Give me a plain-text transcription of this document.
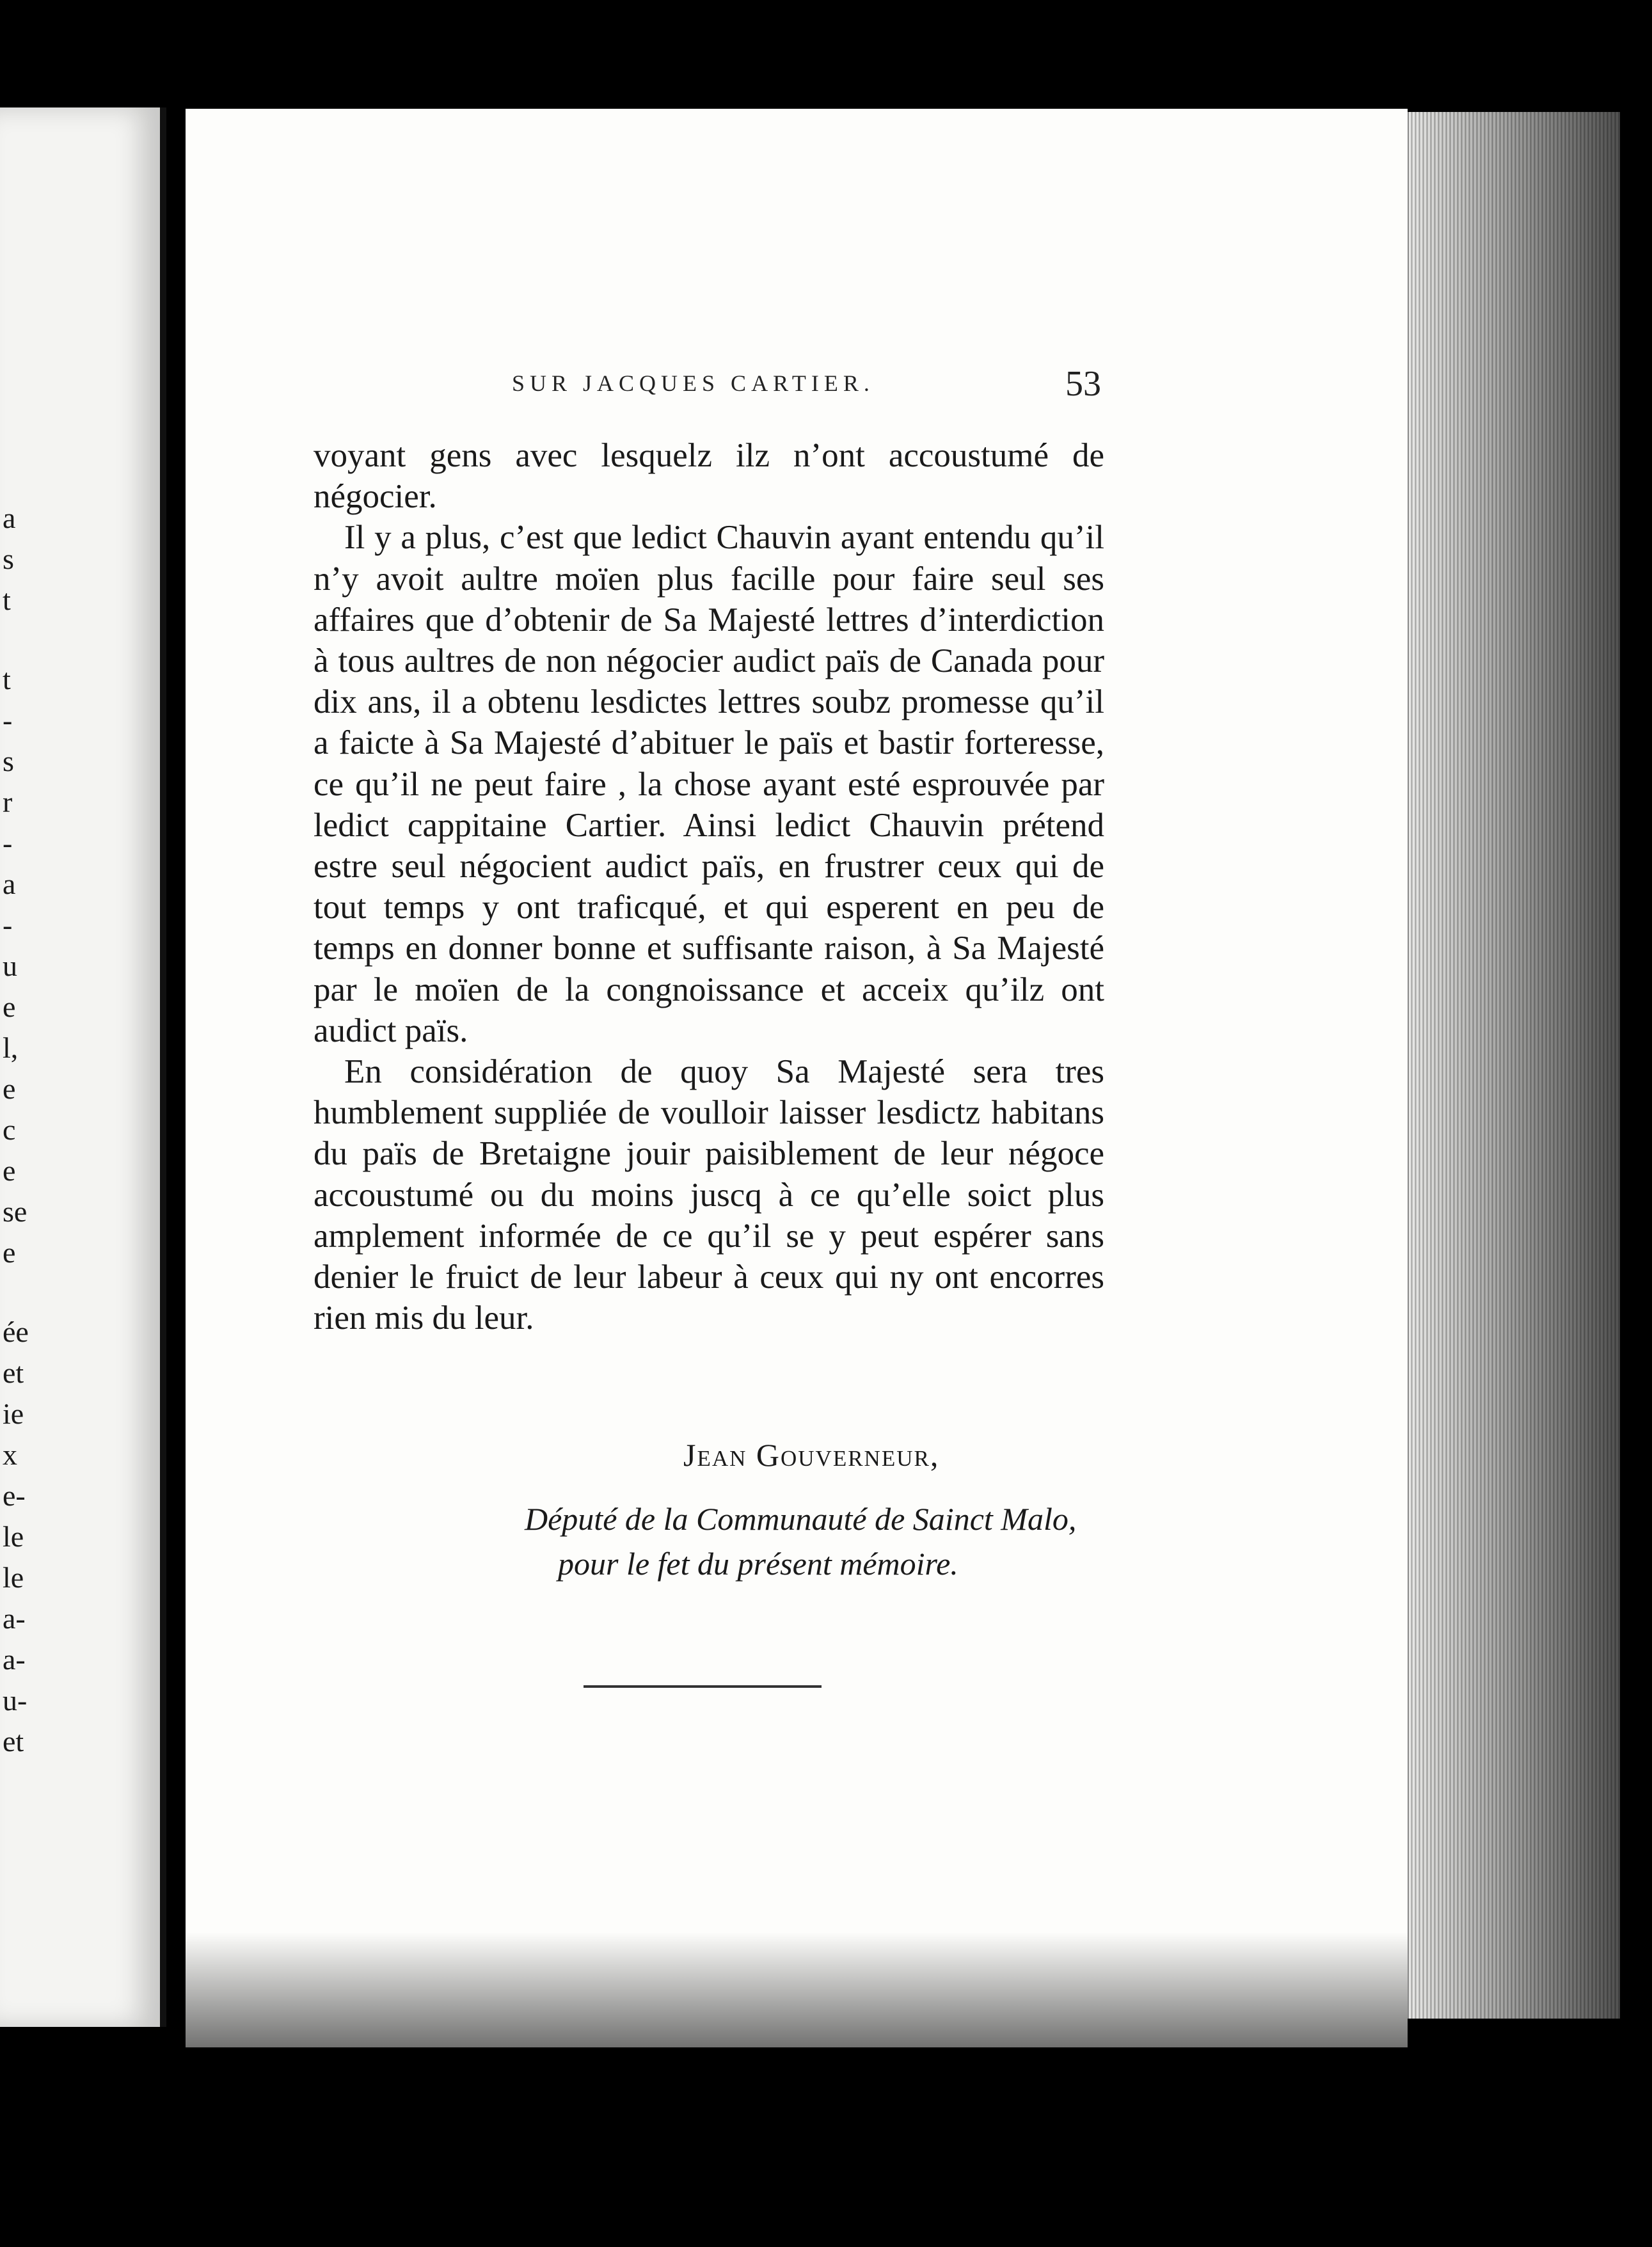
a
s
t
t
-
s
r
-
a
-
u
e
l,
e
c
e
se
e
ée
et
ie
x
e-
le
le
a-
a-
u-
et
SUR JACQUES CARTIER.	53

voyant gens avec lesquelz ilz n’ont accoustumé de négocier.

Il y a plus, c’est que ledict Chauvin ayant entendu qu’il n’y avoit aultre moïen plus facille pour faire seul ses affaires que d’obtenir de Sa Majesté lettres d’interdiction à tous aultres de non négocier audict païs de Canada pour dix ans, il a obtenu lesdictes lettres soubz promesse qu’il a faicte à Sa Majesté d’abituer le païs et bastir forteresse, ce qu’il ne peut faire , la chose ayant esté esprouvée par ledict cappitaine Cartier. Ainsi ledict Chauvin prétend estre seul négocient audict païs, en frustrer ceux qui de tout temps y ont traficqué, et qui esperent en peu de temps en donner bonne et suffisante raison, à Sa Majesté par le moïen de la congnoissance et acceix qu’ilz ont audict païs.

En considération de quoy Sa Majesté sera tres humblement suppliée de voulloir laisser lesdictz habitans du païs de Bretaigne jouir paisiblement de leur négoce accoustumé ou du moins juscq à ce qu’elle soict plus amplement informée de ce qu’il se y peut espérer sans denier le fruict de leur labeur à ceux qui ny ont encorres rien mis du leur.

Jean Gouverneur,
Député de la Communauté de Sainct Malo,
pour le fet du présent mémoire.
